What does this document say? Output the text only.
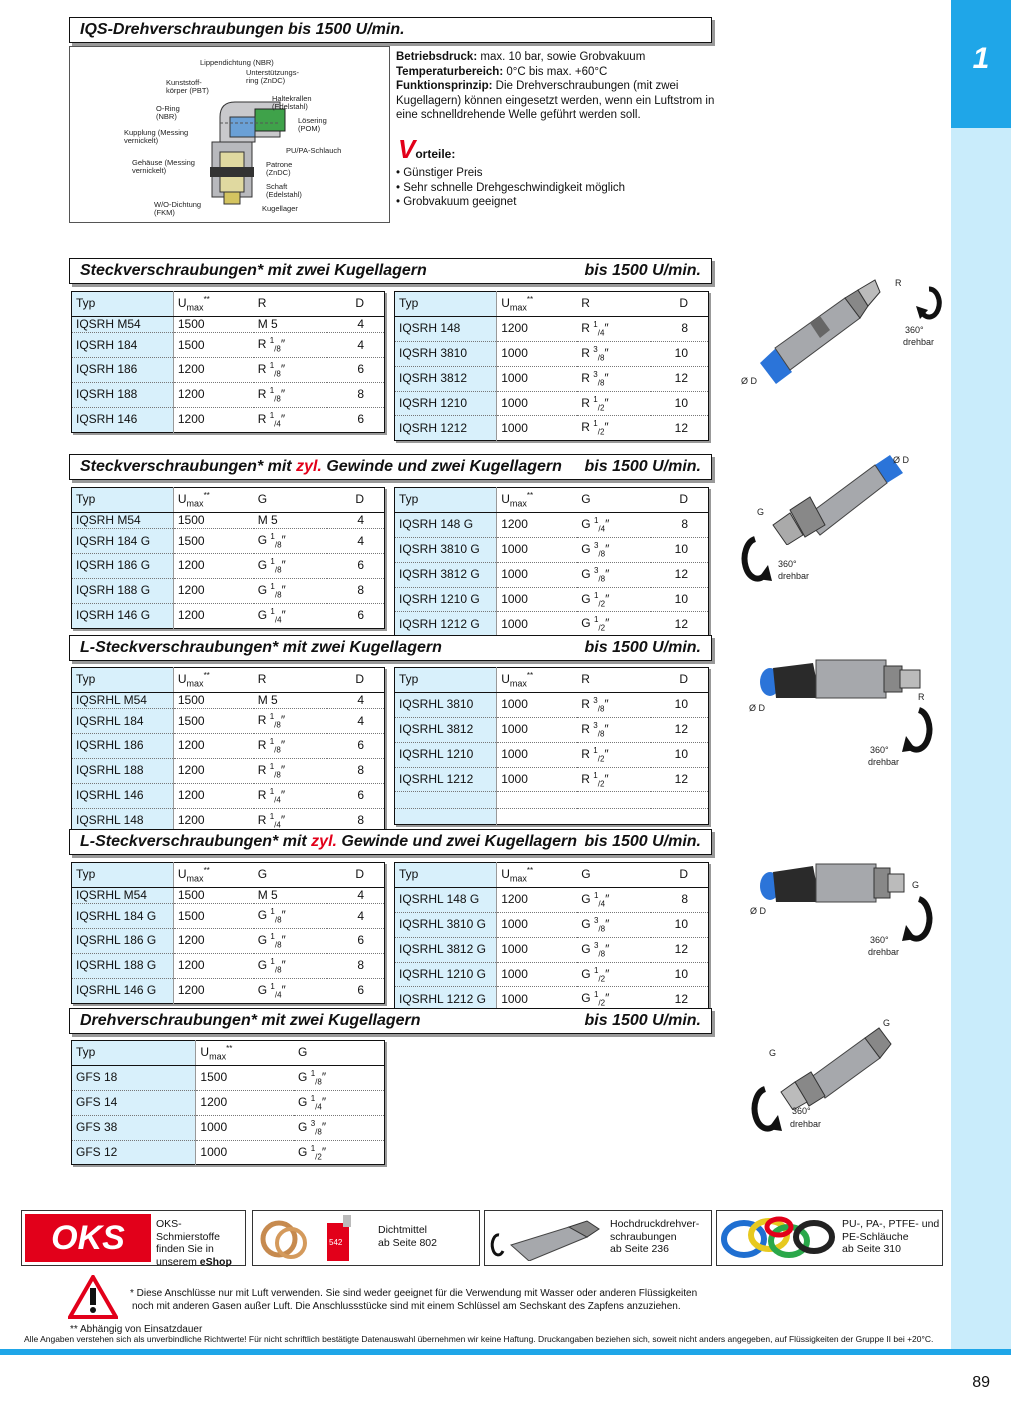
1
IQS-Drehverschraubungen bis 1500 U/min.
Lippendichtung (NBR)
Kunststoff-körper (PBT)
Unterstützungs-ring (ZnDC)
O-Ring (NBR)
Haltekrallen (Edelstahl)
Lösering (POM)
Kupplung (Messing vernickelt)
PU/PA-Schlauch
Gehäuse (Messing vernickelt)
Patrone (ZnDC)
Schaft (Edelstahl)
W/O-Dichtung (FKM)	Kugellager
Betriebsdruck: max. 10 bar, sowie Grobvakuum
Temperaturbereich: 0°C bis max. +60°C
Funktionsprinzip: Die Drehverschraubungen (mit zwei Kugellagern) können eingesetzt werden, wenn ein Luftstrom in eine schnelldrehende Welle geführt werden soll.
Vorteile:
• Günstiger Preis
• Sehr schnelle Drehgeschwindigkeit möglich
• Grobvakuum geeignet
Steckverschraubungen* mit zwei Kugellagern	bis 1500 U/min.
Typ	$U_{max}^{**}$	R	D
IQSRH M54	1500	M 5	4
IQSRH 184	1500	R $^1_{/8}$″	4
IQSRH 186	1200	R $^1_{/8}$″	6
IQSRH 188	1200	R $^1_{/8}$″	8
IQSRH 146	1200	R $^1_{/4}$″	6
Typ	$U_{max}^{**}$	R	D
IQSRH 148	1200	R $^1_{/4}$″	8
IQSRH 3810	1000	R $^3_{/8}$″	10
IQSRH 3812	1000	R $^3_{/8}$″	12
IQSRH 1210	1000	R $^1_{/2}$″	10
IQSRH 1212	1000	R $^1_{/2}$″	12
R
360°
drehbar
Ø D
Steckverschraubungen* mit zyl. Gewinde und zwei Kugellagern bis 1500 U/min.
Typ	$U_{max}^{**}$	G	D
IQSRH M54	1500	M 5	4
IQSRH 184 G	1500	G $^1_{/8}$″	4
IQSRH 186 G	1200	G $^1_{/8}$″	6
IQSRH 188 G	1200	G $^1_{/8}$″	8
IQSRH 146 G	1200	G $^1_{/4}$″	6
Typ	$U_{max}^{**}$	G	D
IQSRH 148 G	1200	G $^1_{/4}$″	8
IQSRH 3810 G	1000	G $^3_{/8}$″	10
IQSRH 3812 G	1000	G $^3_{/8}$″	12
IQSRH 1210 G	1000	G $^1_{/2}$″	10
IQSRH 1212 G	1000	G $^1_{/2}$″	12
Ø D
G
360°
drehbar
L-Steckverschraubungen* mit zwei Kugellagern	bis 1500 U/min.
Typ	$U_{max}^{**}$	R	D
IQSRHL M54	1500	M 5	4
IQSRHL 184	1500	R $^1_{/8}$″	4
IQSRHL 186	1200	R $^1_{/8}$″	6
IQSRHL 188	1200	R $^1_{/8}$″	8
IQSRHL 146	1200	R $^1_{/4}$″	6
IQSRHL 148	1200	R $^1_{/4}$″	8
Typ	$U_{max}^{**}$	R	D
IQSRHL 3810	1000	R $^3_{/8}$″	10
IQSRHL 3812	1000	R $^3_{/8}$″	12
IQSRHL 1210	1000	R $^1_{/2}$″	10
IQSRHL 1212	1000	R $^1_{/2}$″	12

Ø D
R
360°
drehbar
L-Steckverschraubungen* mit zyl. Gewinde und zwei Kugellagern bis 1500 U/min.
Typ	$U_{max}^{**}$	G	D
IQSRHL M54	1500	M 5	4
IQSRHL 184 G	1500	G $^1_{/8}$″	4
IQSRHL 186 G	1200	G $^1_{/8}$″	6
IQSRHL 188 G	1200	G $^1_{/8}$″	8
IQSRHL 146 G	1200	G $^1_{/4}$″	6
Typ	$U_{max}^{**}$	G	D
IQSRHL 148 G	1200	G $^1_{/4}$″	8
IQSRHL 3810 G	1000	G $^3_{/8}$″	10
IQSRHL 3812 G	1000	G $^3_{/8}$″	12
IQSRHL 1210 G	1000	G $^1_{/2}$″	10
IQSRHL 1212 G	1000	G $^1_{/2}$″	12
Ø D
G
360°
drehbar
Drehverschraubungen* mit zwei Kugellagern	bis 1500 U/min.
Typ	$U_{max}^{**}$	G
GFS 18	1500	G $^1_{/8}$″
GFS 14	1200	G $^1_{/4}$″
GFS 38	1000	G $^3_{/8}$″
GFS 12	1000	G $^1_{/2}$″
G
G
360°
drehbar
OKS	OKS-Schmierstoffe
finden Sie in
unserem eShop
542
Dichtmittel
ab Seite 802
Hochdruckdrehver-
schraubungen
ab Seite 236
PU-, PA-, PTFE- und
PE-Schläuche
ab Seite 310
* Diese Anschlüsse nur mit Luft verwenden. Sie sind weder geeignet für die Verwendung mit Wasser oder anderen Flüssigkeiten
noch mit anderen Gasen außer Luft. Die Anschlussstücke sind mit einem Schlüssel am Sechskant des Zapfens anzuziehen.
** Abhängig von Einsatzdauer
Alle Angaben verstehen sich als unverbindliche Richtwerte! Für nicht schriftlich bestätigte Datenauswahl übernehmen wir keine Haftung. Druckangaben beziehen sich, soweit nicht anders angegeben, auf Flüssigkeiten der Gruppe II bei +20°C.
89
